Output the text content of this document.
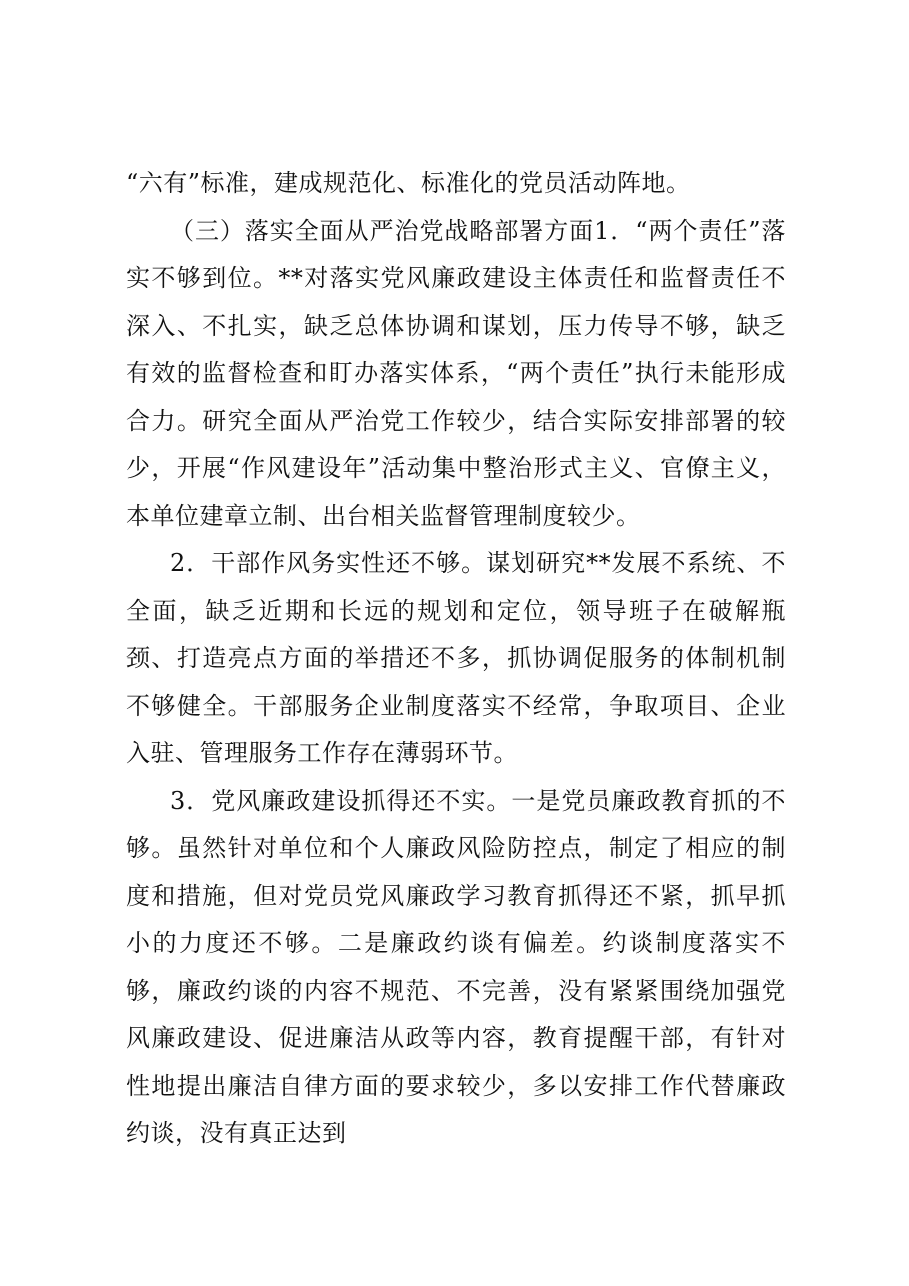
“六有”标准，建成规范化、标准化的党员活动阵地。

（三）落实全面从严治党战略部署方面1．“两个责任”落实不够到位。**对落实党风廉政建设主体责任和监督责任不深入、不扎实，缺乏总体协调和谋划，压力传导不够，缺乏有效的监督检查和盯办落实体系，“两个责任”执行未能形成合力。研究全面从严治党工作较少，结合实际安排部署的较少，开展“作风建设年”活动集中整治形式主义、官僚主义，本单位建章立制、出台相关监督管理制度较少。

2．干部作风务实性还不够。谋划研究**发展不系统、不全面，缺乏近期和长远的规划和定位，领导班子在破解瓶颈、打造亮点方面的举措还不多，抓协调促服务的体制机制不够健全。干部服务企业制度落实不经常，争取项目、企业入驻、管理服务工作存在薄弱环节。

3．党风廉政建设抓得还不实。一是党员廉政教育抓的不够。虽然针对单位和个人廉政风险防控点，制定了相应的制度和措施，但对党员党风廉政学习教育抓得还不紧，抓早抓小的力度还不够。二是廉政约谈有偏差。约谈制度落实不够，廉政约谈的内容不规范、不完善，没有紧紧围绕加强党风廉政建设、促进廉洁从政等内容，教育提醒干部，有针对性地提出廉洁自律方面的要求较少，多以安排工作代替廉政约谈，没有真正达到
